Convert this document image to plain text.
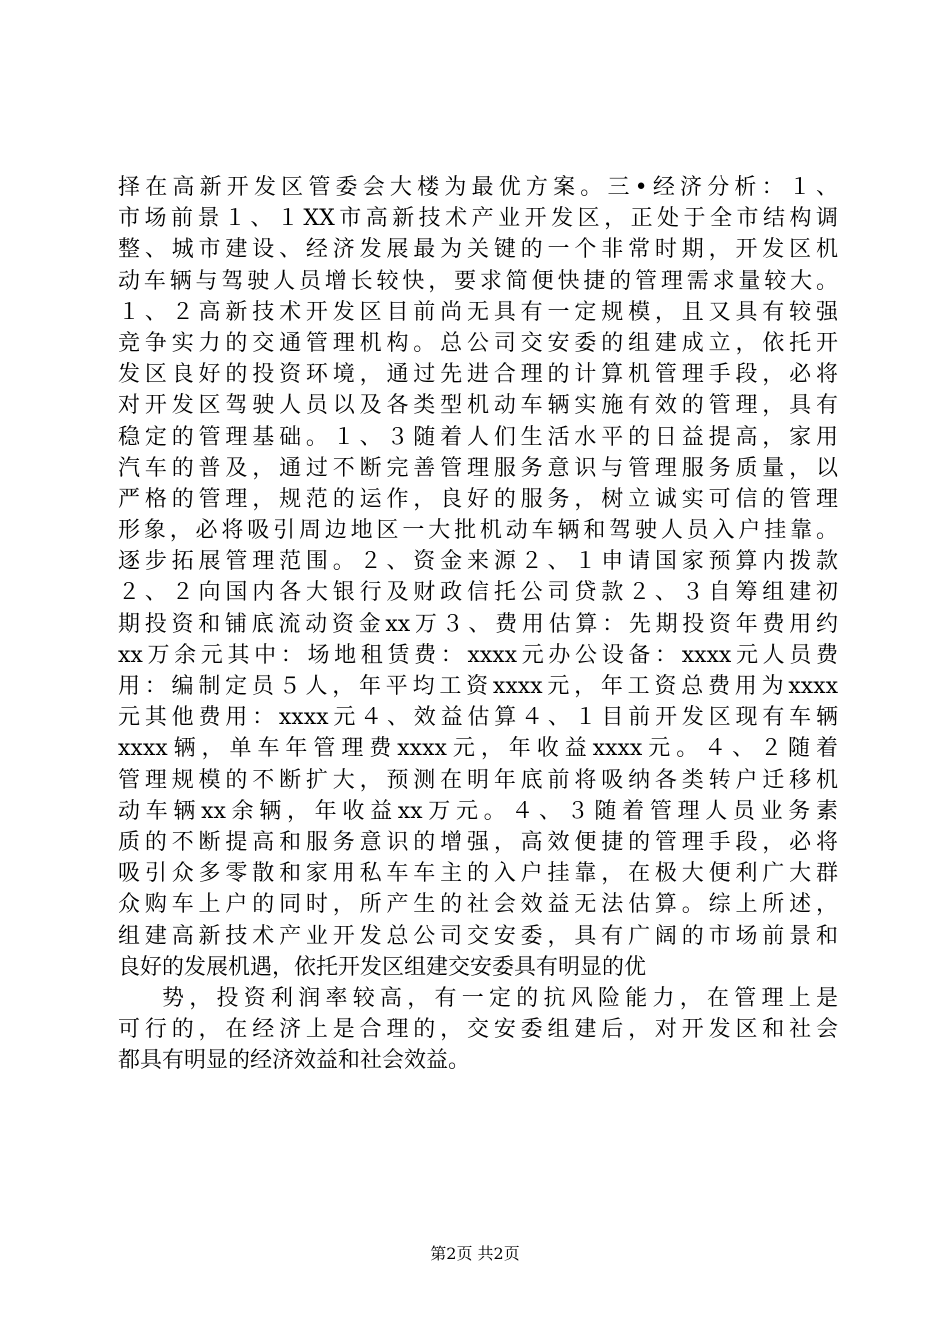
择在高新开发区管委会大楼为最优方案。三•经济分析：１、
市场前景１、１XX市高新技术产业开发区，正处于全市结构调
整、城市建设、经济发展最为关键的一个非常时期，开发区机
动车辆与驾驶人员增长较快，要求简便快捷的管理需求量较大。
１、２高新技术开发区目前尚无具有一定规模，且又具有较强
竞争实力的交通管理机构。总公司交安委的组建成立，依托开
发区良好的投资环境，通过先进合理的计算机管理手段，必将
对开发区驾驶人员以及各类型机动车辆实施有效的管理，具有
稳定的管理基础。１、３随着人们生活水平的日益提高，家用
汽车的普及，通过不断完善管理服务意识与管理服务质量，以
严格的管理，规范的运作，良好的服务，树立诚实可信的管理
形象，必将吸引周边地区一大批机动车辆和驾驶人员入户挂靠。
逐步拓展管理范围。２、资金来源２、１申请国家预算内拨款
２、２向国内各大银行及财政信托公司贷款２、３自筹组建初
期投资和铺底流动资金xx万３、费用估算：先期投资年费用约
xx万余元其中：场地租赁费：xxxx元办公设备：xxxx元人员费
用：编制定员５人，年平均工资xxxx元，年工资总费用为xxxx
元其他费用：xxxx元４、效益估算４、１目前开发区现有车辆
xxxx辆，单车年管理费xxxx元，年收益xxxx元。４、２随着
管理规模的不断扩大，预测在明年底前将吸纳各类转户迁移机
动车辆xx余辆，年收益xx万元。４、３随着管理人员业务素
质的不断提高和服务意识的增强，高效便捷的管理手段，必将
吸引众多零散和家用私车车主的入户挂靠，在极大便利广大群
众购车上户的同时，所产生的社会效益无法估算。综上所述，
组建高新技术产业开发总公司交安委，具有广阔的市场前景和
良好的发展机遇，依托开发区组建交安委具有明显的优
势，投资利润率较高，有一定的抗风险能力，在管理上是
可行的，在经济上是合理的，交安委组建后，对开发区和社会
都具有明显的经济效益和社会效益。
第2页 共2页
